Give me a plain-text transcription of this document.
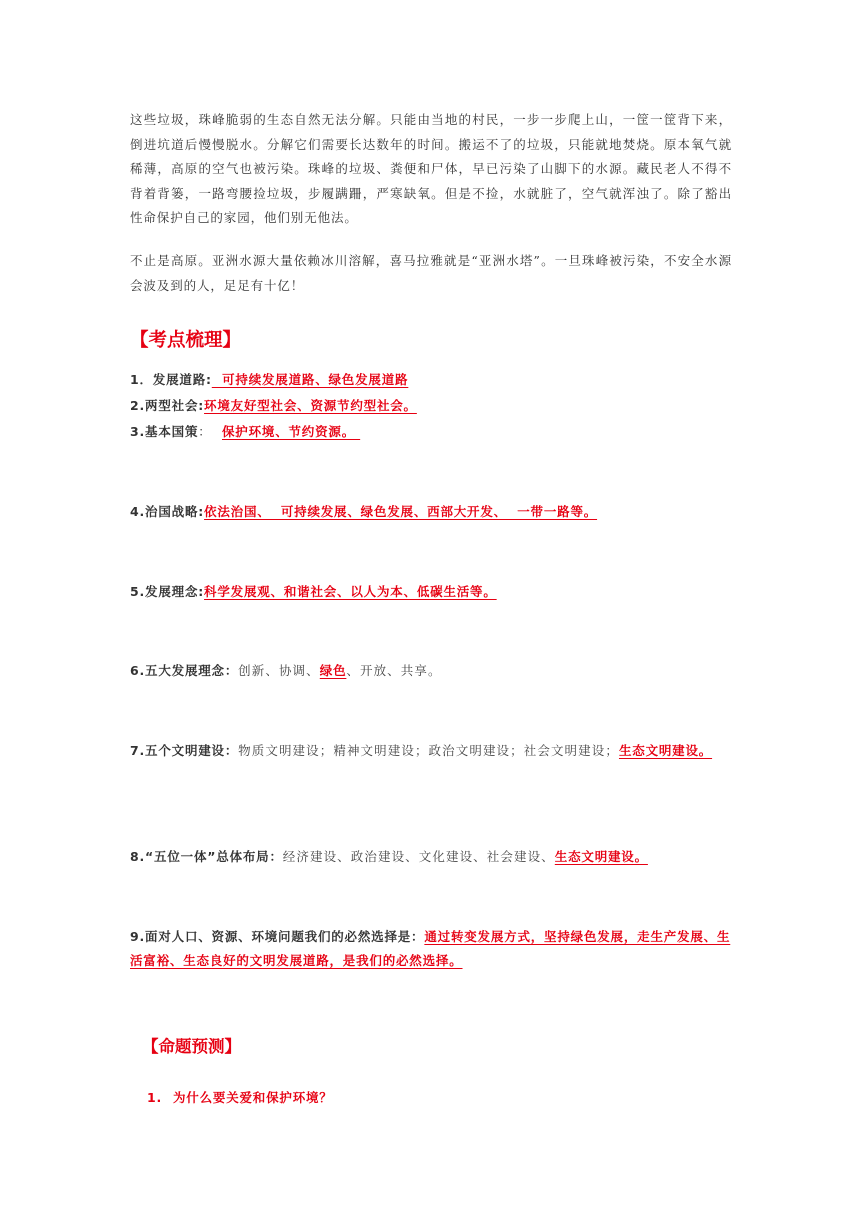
这些垃圾，珠峰脆弱的生态自然无法分解。只能由当地的村民，一步一步爬上山，一筐一筐背下来，倒进坑道后慢慢脱水。分解它们需要长达数年的时间。搬运不了的垃圾，只能就地焚烧。原本氧气就稀薄，高原的空气也被污染。珠峰的垃圾、粪便和尸体，早已污染了山脚下的水源。藏民老人不得不背着背篓，一路弯腰捡垃圾，步履蹒跚，严寒缺氧。但是不捡，水就脏了，空气就浑浊了。除了豁出性命保护自己的家园，他们别无他法。

不止是高原。亚洲水源大量依赖冰川溶解，喜马拉雅就是“亚洲水塔”。一旦珠峰被污染，不安全水源会波及到的人，足足有十亿！

【考点梳理】
1．发展道路:  可持续发展道路、绿色发展道路
2.两型社会:环境友好型社会、资源节约型社会。
3.基本国策：  保护环境、节约资源。
4.治国战略:依法治国、  可持续发展、绿色发展、西部大开发、  一带一路等。
5.发展理念:科学发展观、和谐社会、以人为本、低碳生活等。
6.五大发展理念：创新、协调、绿色、开放、共享。
7.五个文明建设：物质文明建设；精神文明建设；政治文明建设；社会文明建设；生态文明建设。
8.“五位一体”总体布局：经济建设、政治建设、文化建设、社会建设、生态文明建设。
9.面对人口、资源、环境问题我们的必然选择是：通过转变发展方式，坚持绿色发展，走生产发展、生活富裕、生态良好的文明发展道路，是我们的必然选择。
【命题预测】
1. 为什么要关爱和保护环境？
